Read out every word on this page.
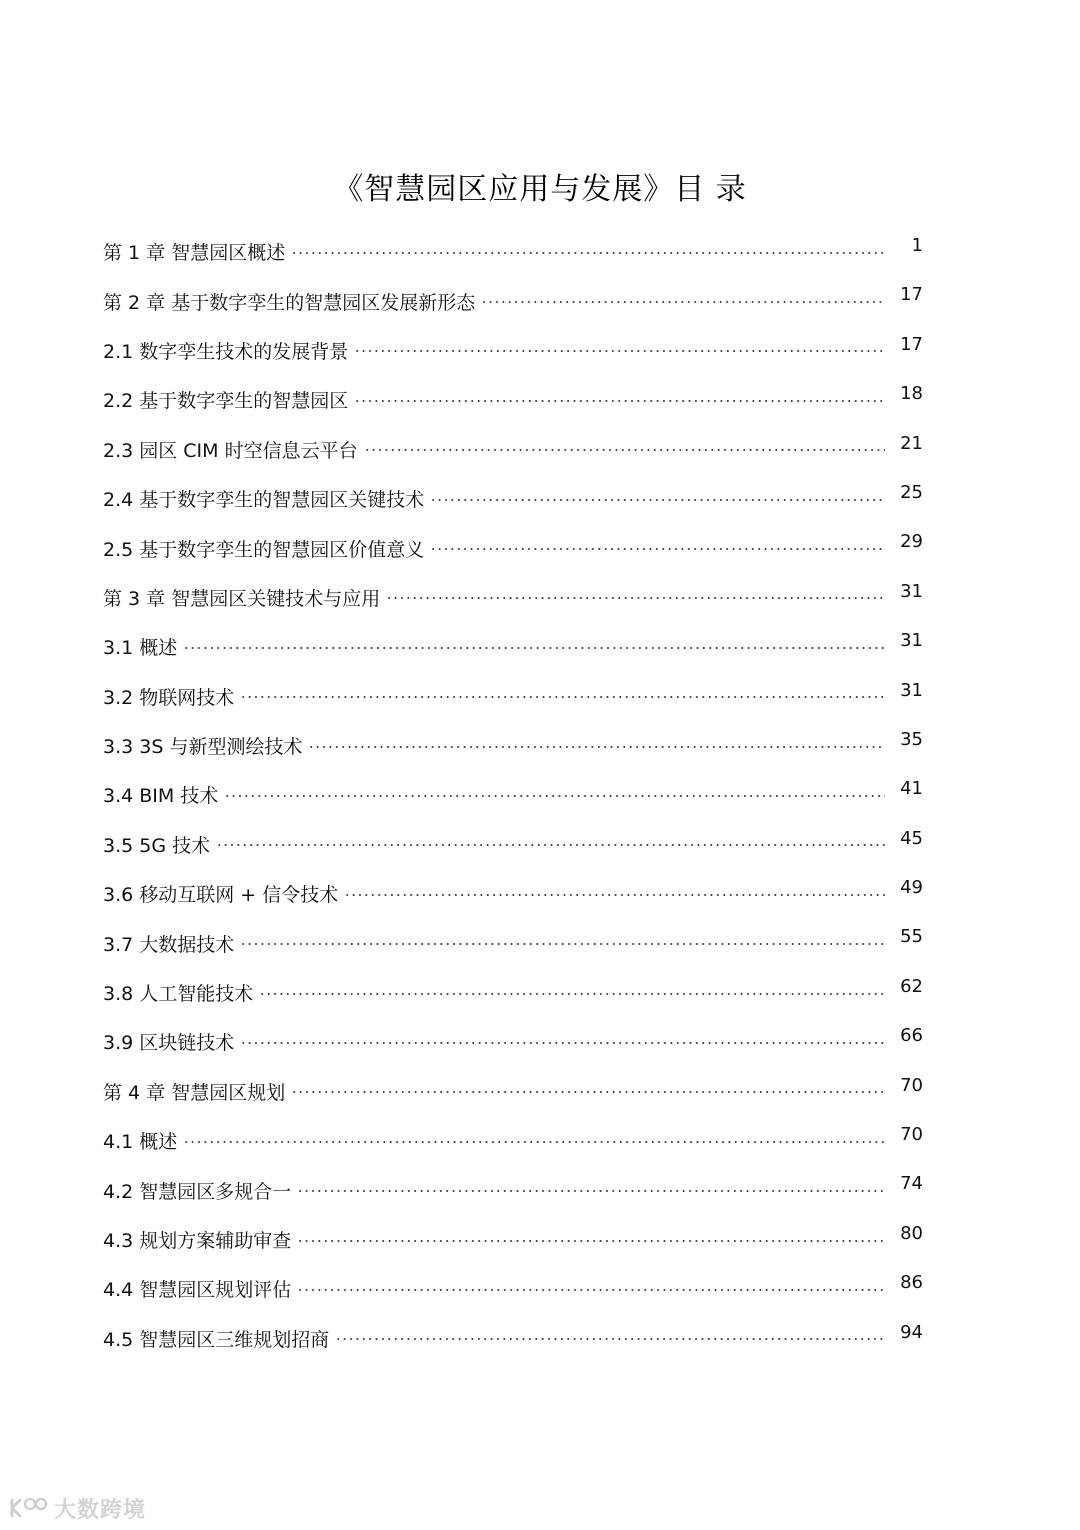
《智慧园区应用与发展》目 录
第 1 章 智慧园区概述	1
第 2 章 基于数字孪生的智慧园区发展新形态	17
2.1 数字孪生技术的发展背景	17
2.2 基于数字孪生的智慧园区	18
2.3 园区 CIM 时空信息云平台	21
2.4 基于数字孪生的智慧园区关键技术	25
2.5 基于数字孪生的智慧园区价值意义	29
第 3 章 智慧园区关键技术与应用	31
3.1 概述	31
3.2 物联网技术	31
3.3 3S 与新型测绘技术	35
3.4 BIM 技术	41
3.5 5G 技术	45
3.6 移动互联网 + 信令技术	49
3.7 大数据技术	55
3.8 人工智能技术	62
3.9 区块链技术	66
第 4 章 智慧园区规划	70
4.1 概述	70
4.2 智慧园区多规合一	74
4.3 规划方案辅助审查	80
4.4 智慧园区规划评估	86
4.5 智慧园区三维规划招商	94
大数跨境
